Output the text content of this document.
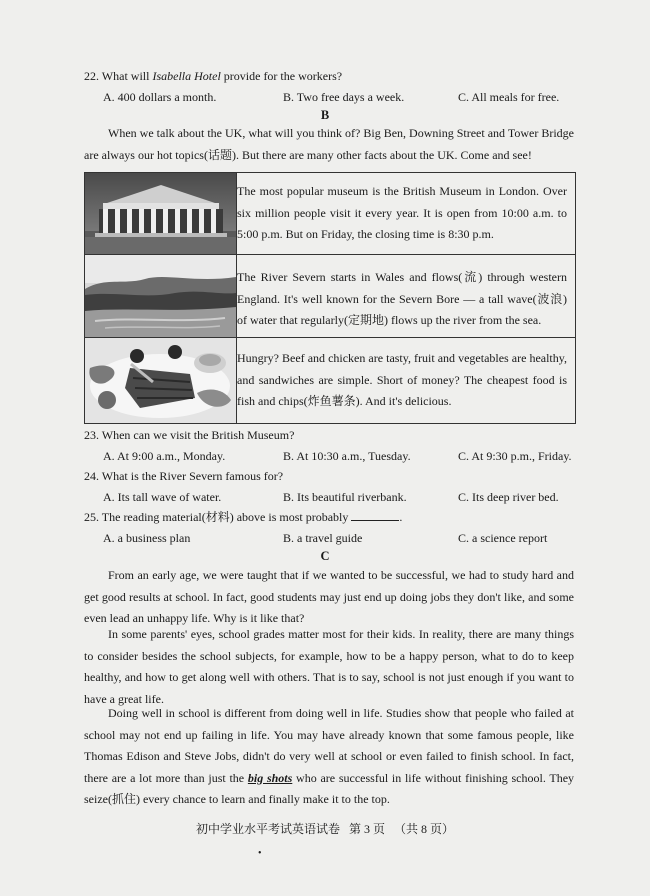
22. What will Isabella Hotel provide for the workers?
A. 400 dollars a month.	B. Two free days a week.	C. All meals for free.
B
When we talk about the UK, what will you think of? Big Ben, Downing Street and Tower Bridge are always our hot topics(话题). But there are many other facts about the UK. Come and see!
The most popular museum is the British Museum in London. Over six million people visit it every year. It is open from 10:00 a.m. to 5:00 p.m. But on Friday, the closing time is 8:30 p.m.
The River Severn starts in Wales and flows(流) through western England. It's well known for the Severn Bore — a tall wave(波浪) of water that regularly(定期地) flows up the river from the sea.
Hungry? Beef and chicken are tasty, fruit and vegetables are healthy, and sandwiches are simple. Short of money? The cheapest food is fish and chips(炸鱼薯条). And it's delicious.
23. When can we visit the British Museum?
A. At 9:00 a.m., Monday.	B. At 10:30 a.m., Tuesday.	C. At 9:30 p.m., Friday.
24. What is the River Severn famous for?
A. Its tall wave of water.	B. Its beautiful riverbank.	C. Its deep river bed.
25. The reading material(材料) above is most probably	.
A. a business plan	B. a travel guide	C. a science report
C
From an early age, we were taught that if we wanted to be successful, we had to study hard and get good results at school. In fact, good students may just end up doing jobs they don't like, and some even lead an unhappy life. Why is it like that?
In some parents' eyes, school grades matter most for their kids. In reality, there are many things to consider besides the school subjects, for example, how to be a happy person, what to do to keep healthy, and how to get along well with others. That is to say, school is not just enough if you want to have a great life.
Doing well in school is different from doing well in life. Studies show that people who failed at school may not end up failing in life. You may have already known that some famous people, like Thomas Edison and Steve Jobs, didn't do very well at school or even failed to finish school. In fact, there are a lot more than just the big shots who are successful in life without finishing school. They seize(抓住) every chance to learn and finally make it to the top.
初中学业水平考试英语试卷 第 3 页 （共 8 页）
•
